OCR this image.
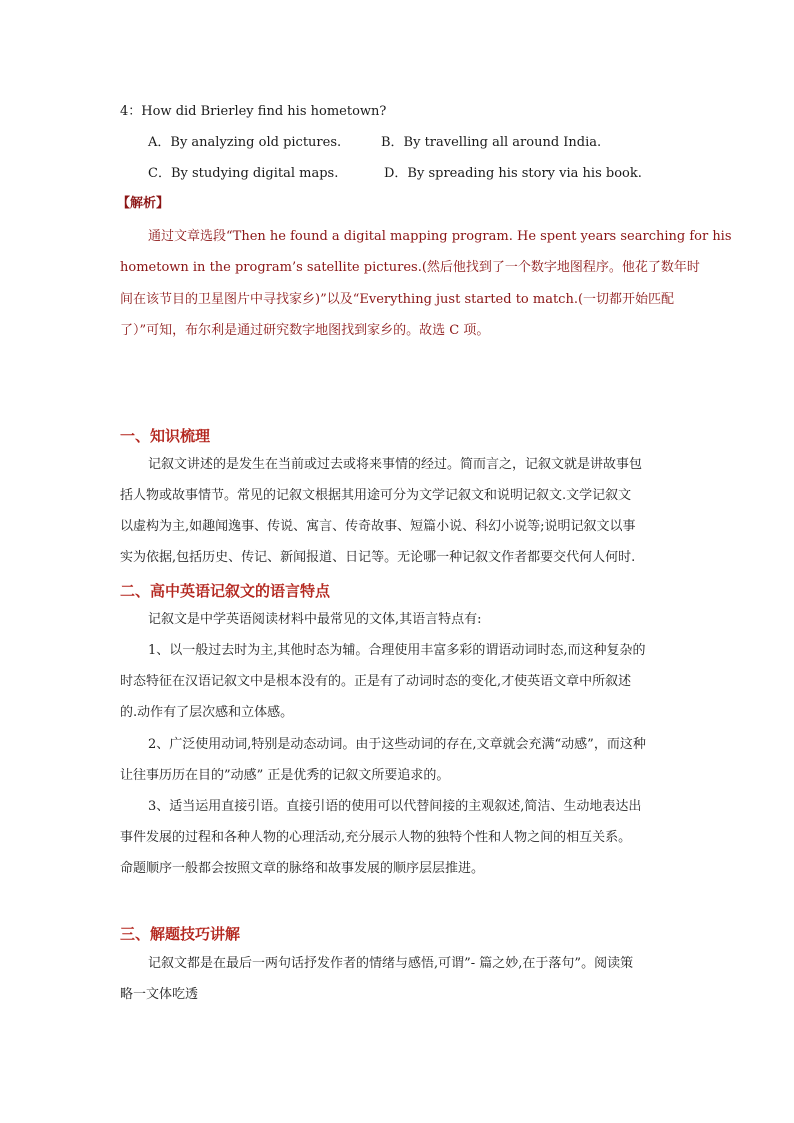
4：How did Brierley find his hometown?
A．By analyzing old pictures.	B．By travelling all around India.
C．By studying digital maps.	D．By spreading his story via his book.
【解析】
通过文章选段“Then he found a digital mapping program. He spent years searching for his
hometown in the program’s satellite pictures.(然后他找到了一个数字地图程序。他花了数年时
间在该节目的卫星图片中寻找家乡)”以及“Everything just started to match.(一切都开始匹配
了）”可知，布尔利是通过研究数字地图找到家乡的。故选 C 项。
一、知识梳理
记叙文讲述的是发生在当前或过去或将来事情的经过。简而言之，记叙文就是讲故事包
括人物或故事情节。常见的记叙文根据其用途可分为文学记叙文和说明记叙文.文学记叙文
以虚构为主,如趣闻逸事、传说、寓言、传奇故事、短篇小说、科幻小说等;说明记叙文以事
实为依据,包括历史、传记、新闻报道、日记等。无论哪一种记叙文作者都要交代何人何时.
二、高中英语记叙文的语言特点
记叙文是中学英语阅读材料中最常见的文体,其语言特点有:
1、以一般过去时为主,其他时态为辅。合理使用丰富多彩的谓语动词时态,而这种复杂的
时态特征在汉语记叙文中是根本没有的。正是有了动词时态的变化,才使英语文章中所叙述
的.动作有了层次感和立体感。
2、广泛使用动词,特别是动态动词。由于这些动词的存在,文章就会充满“动感”，而这种
让往事历历在目的”动感” 正是优秀的记叙文所要追求的。
3、适当运用直接引语。直接引语的使用可以代替间接的主观叙述,简洁、生动地表达出
事件发展的过程和各种人物的心理活动,充分展示人物的独特个性和人物之间的相互关系。
命题顺序一般都会按照文章的脉络和故事发展的顺序层层推进。
三、解题技巧讲解
记叙文都是在最后一两句话抒发作者的情绪与感悟,可谓”- 篇之妙,在于落句”。阅读策
略一文体吃透
